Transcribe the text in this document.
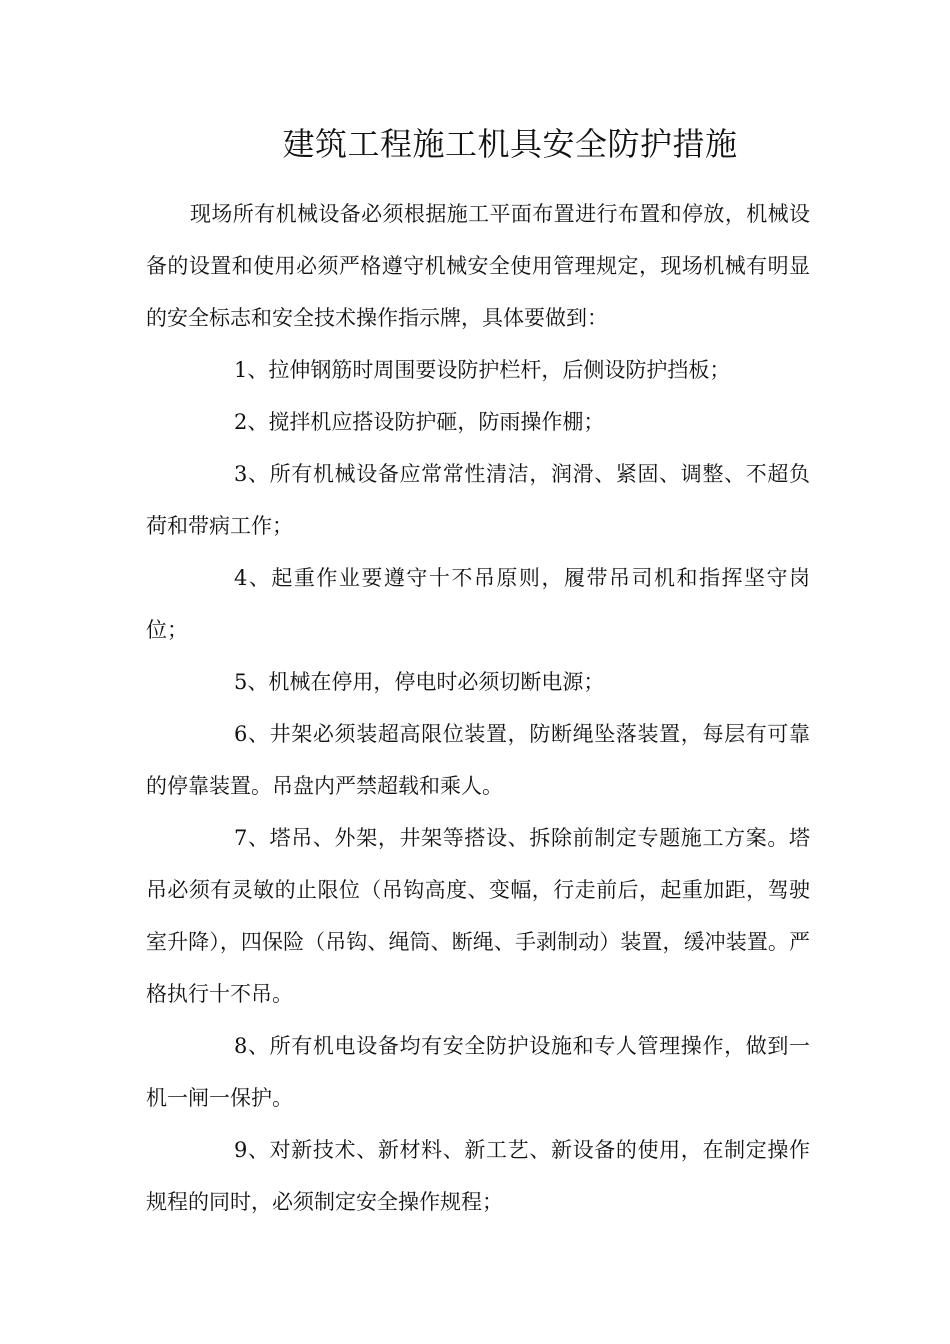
建筑工程施工机具安全防护措施

现场所有机械设备必须根据施工平面布置进行布置和停放，机械设备的设置和使用必须严格遵守机械安全使用管理规定，现场机械有明显的安全标志和安全技术操作指示牌，具体要做到：

1、拉伸钢筋时周围要设防护栏杆，后侧设防护挡板；

2、搅拌机应搭设防护砸，防雨操作棚；

3、所有机械设备应常常性清洁，润滑、紧固、调整、不超负荷和带病工作；

4、起重作业要遵守十不吊原则，履带吊司机和指挥坚守岗位；

5、机械在停用，停电时必须切断电源；

6、井架必须装超高限位装置，防断绳坠落装置，每层有可靠的停靠装置。吊盘内严禁超载和乘人。

7、塔吊、外架，井架等搭设、拆除前制定专题施工方案。塔吊必须有灵敏的止限位（吊钩高度、变幅，行走前后，起重加距，驾驶室升降），四保险（吊钩、绳筒、断绳、手剥制动）装置，缓冲装置。严格执行十不吊。

8、所有机电设备均有安全防护设施和专人管理操作，做到一机一闸一保护。

9、对新技术、新材料、新工艺、新设备的使用，在制定操作规程的同时，必须制定安全操作规程；
